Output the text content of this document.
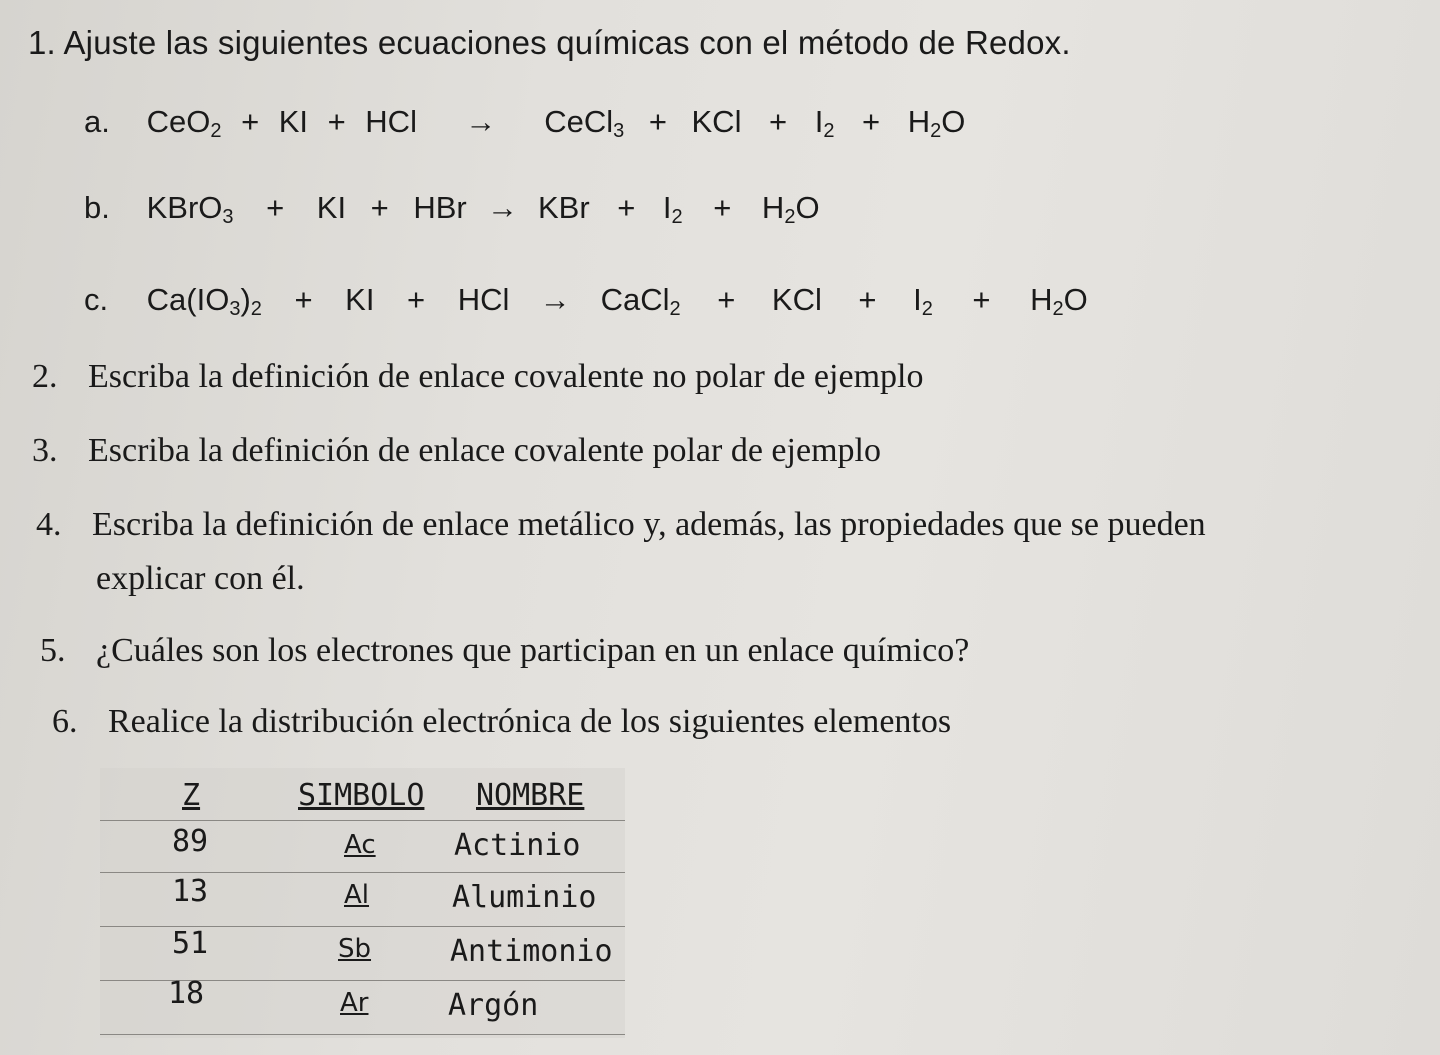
1. Ajuste las siguientes ecuaciones químicas con el método de Redox.
a. CeO$_2$ + KI + HCl → CeCl$_3$ + KCl + $I_2 + H_2O$
b. KBrO$_3$ + KI + HBr → KBr + $I_2 + H_2O$
c. $Ca(IO_3)_2$ + KI + HCl → CaCl$_2$ + KCl + $I_2 + H_2O$
2. Escriba la definición de enlace covalente no polar de ejemplo
3. Escriba la definición de enlace covalente polar de ejemplo
4. Escriba la definición de enlace metálico y, además, las propiedades que se pueden
explicar con él.
5. ¿Cuáles son los electrones que participan en un enlace químico?
6. Realice la distribución electrónica de los siguientes elementos
Z	SIMBOLO NOMBRE
89	Ac	Actinio
13	Al	Aluminio
51	Sb	Antimonio
18	Ar	Argón
